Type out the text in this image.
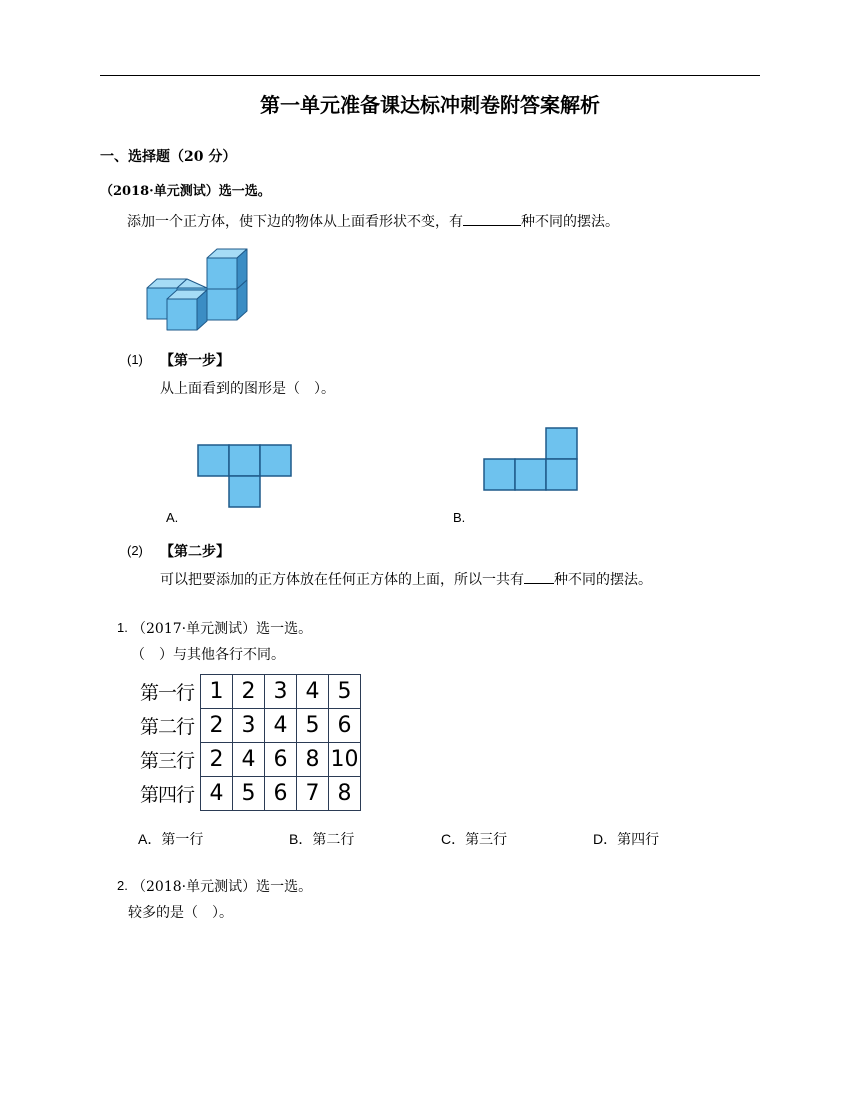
第一单元准备课达标冲刺卷附答案解析
一、选择题（20 分）
（2018·单元测试）选一选。
添加一个正方体，使下边的物体从上面看形状不变，有	种不同的摆法。
(1) 【第一步】
从上面看到的图形是（　）。
A.	B.
(2) 【第二步】
可以把要添加的正方体放在任何正方体的上面，所以一共有 种不同的摆法。
1. （2017·单元测试）选一选。
（　）与其他各行不同。
第一行	1	2	3	4	5
第二行	2	3	4	5	6
第三行	2	4	6	8	10
第四行	4	5	6	7	8
A．第一行	B．第二行	C．第三行	D．第四行
2. （2018·单元测试）选一选。
较多的是（　）。
